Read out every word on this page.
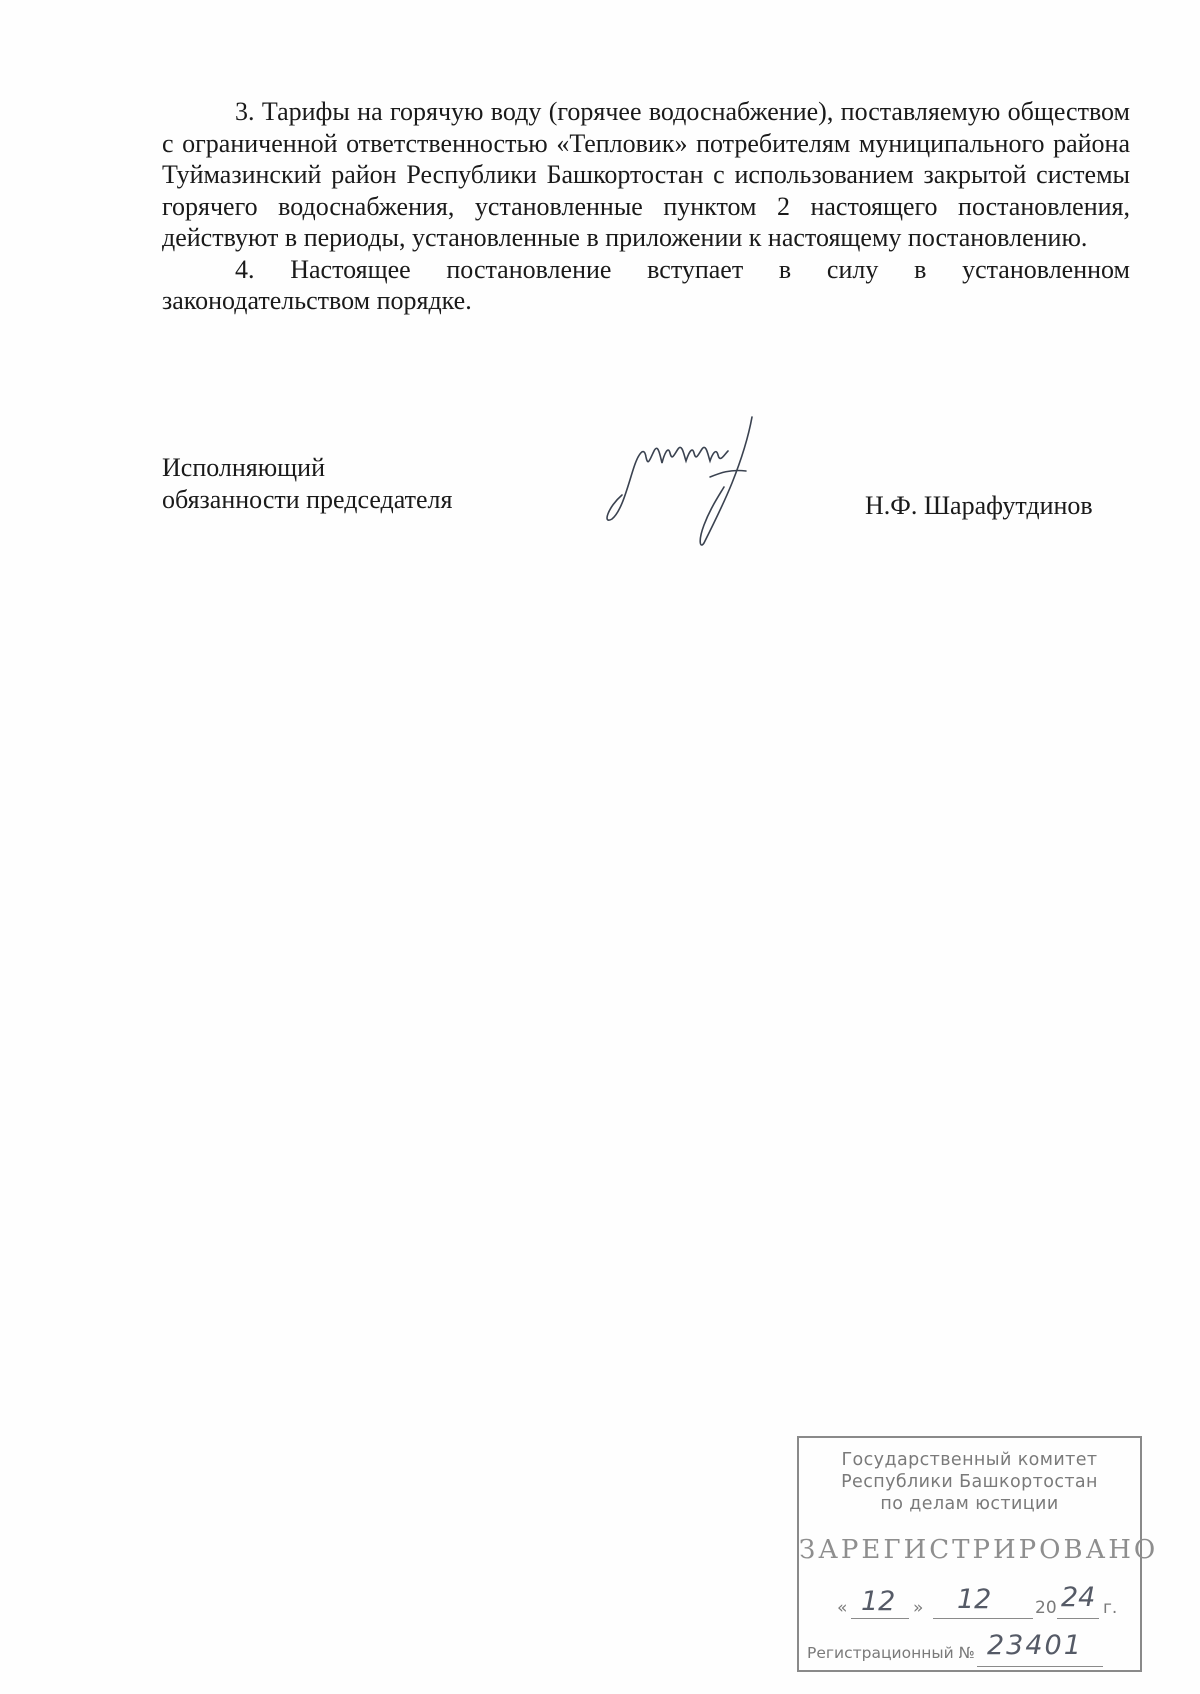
3. Тарифы на горячую воду (горячее водоснабжение), поставляемую обществом с ограниченной ответственностью «Тепловик» потребителям муниципального района Туймазинский район Республики Башкортостан с использованием закрытой системы горячего водоснабжения, установленные пунктом 2 настоящего постановления, действуют в периоды, установленные в приложении к настоящему постановлению.

4. Настоящее постановление вступает в силу в установленном законодательством порядке.

Исполняющий
обязанности председателя	Н.Ф. Шарафутдинов
Государственный комитет
Республики Башкортостан
по делам юстиции
ЗАРЕГИСТРИРОВАНО
« 12 » 12	20 24 г.
Регистрационный № 23401
